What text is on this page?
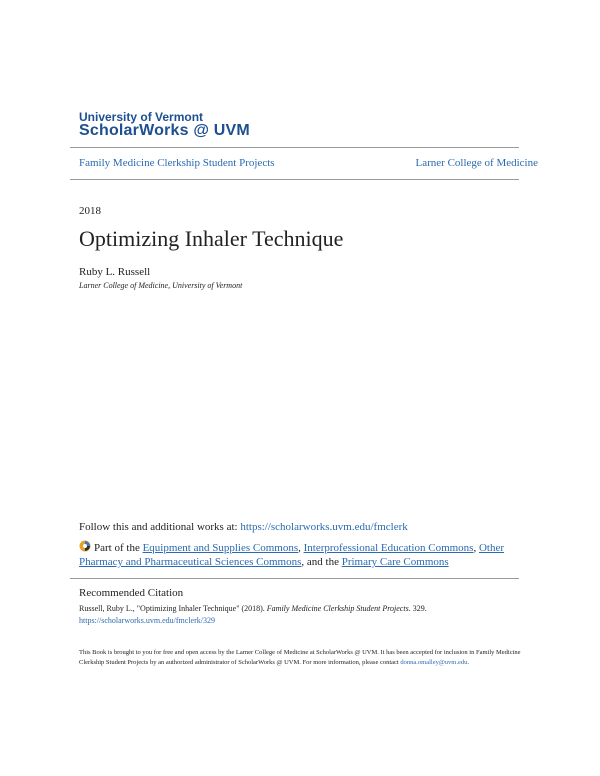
University of Vermont
ScholarWorks @ UVM
Family Medicine Clerkship Student Projects	Larner College of Medicine
2018
Optimizing Inhaler Technique
Ruby L. Russell
Larner College of Medicine, University of Vermont
Follow this and additional works at: https://scholarworks.uvm.edu/fmclerk
Part of the Equipment and Supplies Commons, Interprofessional Education Commons, Other Pharmacy and Pharmaceutical Sciences Commons, and the Primary Care Commons
Recommended Citation
Russell, Ruby L., "Optimizing Inhaler Technique" (2018). Family Medicine Clerkship Student Projects. 329.
https://scholarworks.uvm.edu/fmclerk/329
This Book is brought to you for free and open access by the Larner College of Medicine at ScholarWorks @ UVM. It has been accepted for inclusion in Family Medicine Clerkship Student Projects by an authorized administrator of ScholarWorks @ UVM. For more information, please contact donna.omalley@uvm.edu.
